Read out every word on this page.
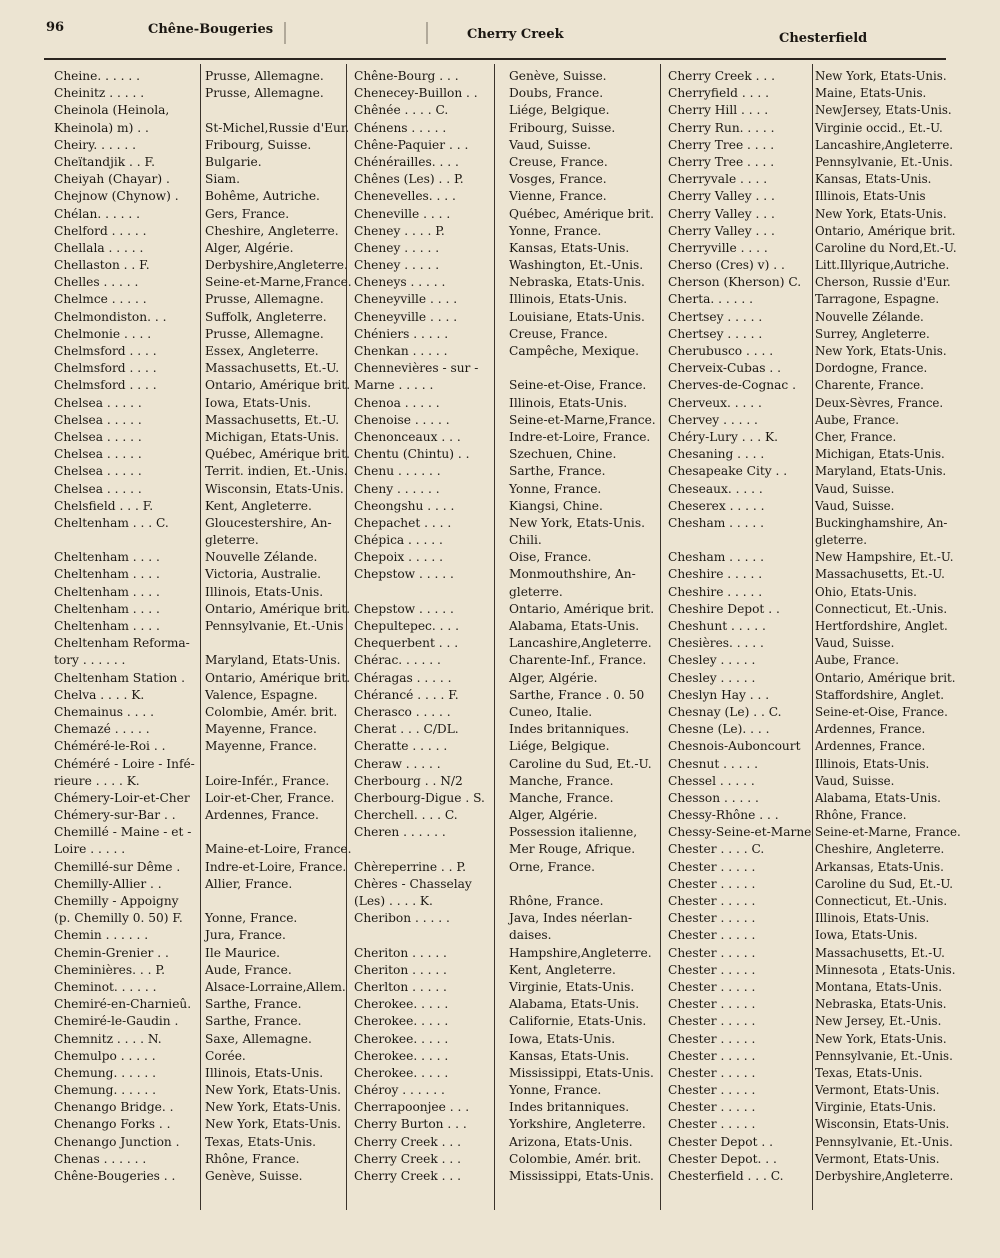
96	Chêne-Bougeries	Cherry Creek	Chesterfield
Cheine. . . . . .	Prusse, Allemagne.
Cheinitz . . . . .	Prusse, Allemagne.
Cheinola (Heinola,
Kheinola) m) . .	St-Michel,Russie d'Eur.
Cheiry. . . . . .	Fribourg, Suisse.
Cheïtandjik . . F.	Bulgarie.
Cheiyah (Chayar) .	Siam.
Chejnow (Chynow) .	Bohême, Autriche.
Chélan. . . . . .	Gers, France.
Chelford . . . . .	Cheshire, Angleterre.
Chellala . . . . .	Alger, Algérie.
Chellaston . . F.	Derbyshire,Angleterre.
Chelles . . . . .	Seine-et-Marne,France.
Chelmce . . . . .	Prusse, Allemagne.
Chelmondiston. . .	Suffolk, Angleterre.
Chelmonie . . . .	Prusse, Allemagne.
Chelmsford . . . .	Essex, Angleterre.
Chelmsford . . . .	Massachusetts, Et.-U.
Chelmsford . . . .	Ontario, Amérique brit.
Chelsea . . . . .	Iowa, Etats-Unis.
Chelsea . . . . .	Massachusetts, Et.-U.
Chelsea . . . . .	Michigan, Etats-Unis.
Chelsea . . . . .	Québec, Amérique brit.
Chelsea . . . . .	Territ. indien, Et.-Unis.
Chelsea . . . . .	Wisconsin, Etats-Unis.
Chelsfield . . . F.	Kent, Angleterre.
Cheltenham . . . C.	Gloucestershire, An-
gleterre.
Cheltenham . . . .	Nouvelle Zélande.
Cheltenham . . . .	Victoria, Australie.
Cheltenham . . . .	Illinois, Etats-Unis.
Cheltenham . . . .	Ontario, Amérique brit.
Cheltenham . . . .	Pennsylvanie, Et.-Unis
Cheltenham Reforma-
tory . . . . . .	Maryland, Etats-Unis.
Cheltenham Station .	Ontario, Amérique brit.
Chelva . . . . K.	Valence, Espagne.
Chemainus . . . .	Colombie, Amér. brit.
Chemazé . . . . .	Mayenne, France.
Chéméré-le-Roi . .	Mayenne, France.
Chéméré - Loire - Infé-
rieure . . . . K.	Loire-Infér., France.
Chémery-Loir-et-Cher	Loir-et-Cher, France.
Chémery-sur-Bar . .	Ardennes, France.
Chemillé - Maine - et -
Loire . . . . .	Maine-et-Loire, France.
Chemillé-sur Dême .	Indre-et-Loire, France.
Chemilly-Allier . .	Allier, France.
Chemilly - Appoigny
(p. Chemilly 0. 50) F.	Yonne, France.
Chemin . . . . . .	Jura, France.
Chemin-Grenier . .	Ile Maurice.
Cheminières. . . P.	Aude, France.
Cheminot. . . . . .	Alsace-Lorraine,Allem.
Chemiré-en-Charnieû.	Sarthe, France.
Chemiré-le-Gaudin .	Sarthe, France.
Chemnitz . . . . N.	Saxe, Allemagne.
Chemulpo . . . . .	Corée.
Chemung. . . . . .	Illinois, Etats-Unis.
Chemung. . . . . .	New York, Etats-Unis.
Chenango Bridge. .	New York, Etats-Unis.
Chenango Forks . .	New York, Etats-Unis.
Chenango Junction .	Texas, Etats-Unis.
Chenas . . . . . .	Rhône, France.
Chêne-Bougeries . .	Genève, Suisse.
Chêne-Bourg . . .	Genève, Suisse.
Chenecey-Buillon . .	Doubs, France.
Chênée . . . . C.	Liége, Belgique.
Chénens . . . . .	Fribourg, Suisse.
Chêne-Paquier . . .	Vaud, Suisse.
Chénérailles. . . .	Creuse, France.
Chênes (Les) . . P.	Vosges, France.
Chenevelles. . . .	Vienne, France.
Cheneville . . . .	Québec, Amérique brit.
Cheney . . . . P.	Yonne, France.
Cheney . . . . .	Kansas, Etats-Unis.
Cheney . . . . .	Washington, Et.-Unis.
Cheneys . . . . .	Nebraska, Etats-Unis.
Cheneyville . . . .	Illinois, Etats-Unis.
Cheneyville . . . .	Louisiane, Etats-Unis.
Chéniers . . . . .	Creuse, France.
Chenkan . . . . .	Campêche, Mexique.
Chennevières - sur -
Marne . . . . .	Seine-et-Oise, France.
Chenoa . . . . .	Illinois, Etats-Unis.
Chenoise . . . . .	Seine-et-Marne,France.
Chenonceaux . . .	Indre-et-Loire, France.
Chentu (Chintu) . .	Szechuen, Chine.
Chenu . . . . . .	Sarthe, France.
Cheny . . . . . .	Yonne, France.
Cheongshu . . . .	Kiangsi, Chine.
Chepachet . . . .	New York, Etats-Unis.
Chépica . . . . .	Chili.
Chepoix . . . . .	Oise, France.
Chepstow . . . . .	Monmouthshire, An-
gleterre.
Chepstow . . . . .	Ontario, Amérique brit.
Chepultepec. . . .	Alabama, Etats-Unis.
Chequerbent . . .	Lancashire,Angleterre.
Chérac. . . . . .	Charente-Inf., France.
Chéragas . . . . .	Alger, Algérie.
Chérancé . . . . F.	Sarthe, France . 0. 50
Cherasco . . . . .	Cuneo, Italie.
Cherat . . . C/DL.	Indes britanniques.
Cheratte . . . . .	Liége, Belgique.
Cheraw . . . . .	Caroline du Sud, Et.-U.
Cherbourg . . N/2	Manche, France.
Cherbourg-Digue . S.	Manche, France.
Cherchell. . . . C.	Alger, Algérie.
Cheren . . . . . .	Possession italienne,
Mer Rouge, Afrique.
Chèreperrine . . P.	Orne, France.
Chères - Chasselay
(Les) . . . . K.	Rhône, France.
Cheribon . . . . .	Java, Indes néerlan-
daises.
Cheriton . . . . .	Hampshire,Angleterre.
Cheriton . . . . .	Kent, Angleterre.
Cherlton . . . . .	Virginie, Etats-Unis.
Cherokee. . . . .	Alabama, Etats-Unis.
Cherokee. . . . .	Californie, Etats-Unis.
Cherokee. . . . .	Iowa, Etats-Unis.
Cherokee. . . . .	Kansas, Etats-Unis.
Cherokee. . . . .	Mississippi, Etats-Unis.
Chéroy . . . . . .	Yonne, France.
Cherrapoonjee . . .	Indes britanniques.
Cherry Burton . . .	Yorkshire, Angleterre.
Cherry Creek . . .	Arizona, Etats-Unis.
Cherry Creek . . .	Colombie, Amér. brit.
Cherry Creek . . .	Mississippi, Etats-Unis.
Cherry Creek . . .	New York, Etats-Unis.
Cherryfield . . . .	Maine, Etats-Unis.
Cherry Hill . . . .	NewJersey, Etats-Unis.
Cherry Run. . . . .	Virginie occid., Et.-U.
Cherry Tree . . . .	Lancashire,Angleterre.
Cherry Tree . . . .	Pennsylvanie, Et.-Unis.
Cherryvale . . . .	Kansas, Etats-Unis.
Cherry Valley . . .	Illinois, Etats-Unis
Cherry Valley . . .	New York, Etats-Unis.
Cherry Valley . . .	Ontario, Amérique brit.
Cherryville . . . .	Caroline du Nord,Et.-U.
Cherso (Cres) v) . .	Litt.Illyrique,Autriche.
Cherson (Kherson) C.	Cherson, Russie d'Eur.
Cherta. . . . . .	Tarragone, Espagne.
Chertsey . . . . .	Nouvelle Zélande.
Chertsey . . . . .	Surrey, Angleterre.
Cherubusco . . . .	New York, Etats-Unis.
Cherveix-Cubas . .	Dordogne, France.
Cherves-de-Cognac .	Charente, France.
Cherveux. . . . .	Deux-Sèvres, France.
Chervey . . . . .	Aube, France.
Chéry-Lury . . . K.	Cher, France.
Chesaning . . . .	Michigan, Etats-Unis.
Chesapeake City . .	Maryland, Etats-Unis.
Cheseaux. . . . .	Vaud, Suisse.
Cheserex . . . . .	Vaud, Suisse.
Chesham . . . . .	Buckinghamshire, An-
gleterre.
Chesham . . . . .	New Hampshire, Et.-U.
Cheshire . . . . .	Massachusetts, Et.-U.
Cheshire . . . . .	Ohio, Etats-Unis.
Cheshire Depot . .	Connecticut, Et.-Unis.
Cheshunt . . . . .	Hertfordshire, Anglet.
Chesières. . . . .	Vaud, Suisse.
Chesley . . . . .	Aube, France.
Chesley . . . . .	Ontario, Amérique brit.
Cheslyn Hay . . .	Staffordshire, Anglet.
Chesnay (Le) . . C.	Seine-et-Oise, France.
Chesne (Le). . . .	Ardennes, France.
Chesnois-Auboncourt	Ardennes, France.
Chesnut . . . . .	Illinois, Etats-Unis.
Chessel . . . . .	Vaud, Suisse.
Chesson . . . . .	Alabama, Etats-Unis.
Chessy-Rhône . . .	Rhône, France.
Chessy-Seine-et-Marne Seine-et-Marne, France.
Chester . . . . C.	Cheshire, Angleterre.
Chester . . . . .	Arkansas, Etats-Unis.
Chester . . . . .	Caroline du Sud, Et.-U.
Chester . . . . .	Connecticut, Et.-Unis.
Chester . . . . .	Illinois, Etats-Unis.
Chester . . . . .	Iowa, Etats-Unis.
Chester . . . . .	Massachusetts, Et.-U.
Chester . . . . .	Minnesota , Etats-Unis.
Chester . . . . .	Montana, Etats-Unis.
Chester . . . . .	Nebraska, Etats-Unis.
Chester . . . . .	New Jersey, Et.-Unis.
Chester . . . . .	New York, Etats-Unis.
Chester . . . . .	Pennsylvanie, Et.-Unis.
Chester . . . . .	Texas, Etats-Unis.
Chester . . . . .	Vermont, Etats-Unis.
Chester . . . . .	Virginie, Etats-Unis.
Chester . . . . .	Wisconsin, Etats-Unis.
Chester Depot . .	Pennsylvanie, Et.-Unis.
Chester Depot. . .	Vermont, Etats-Unis.
Chesterfield . . . C.	Derbyshire,Angleterre.
